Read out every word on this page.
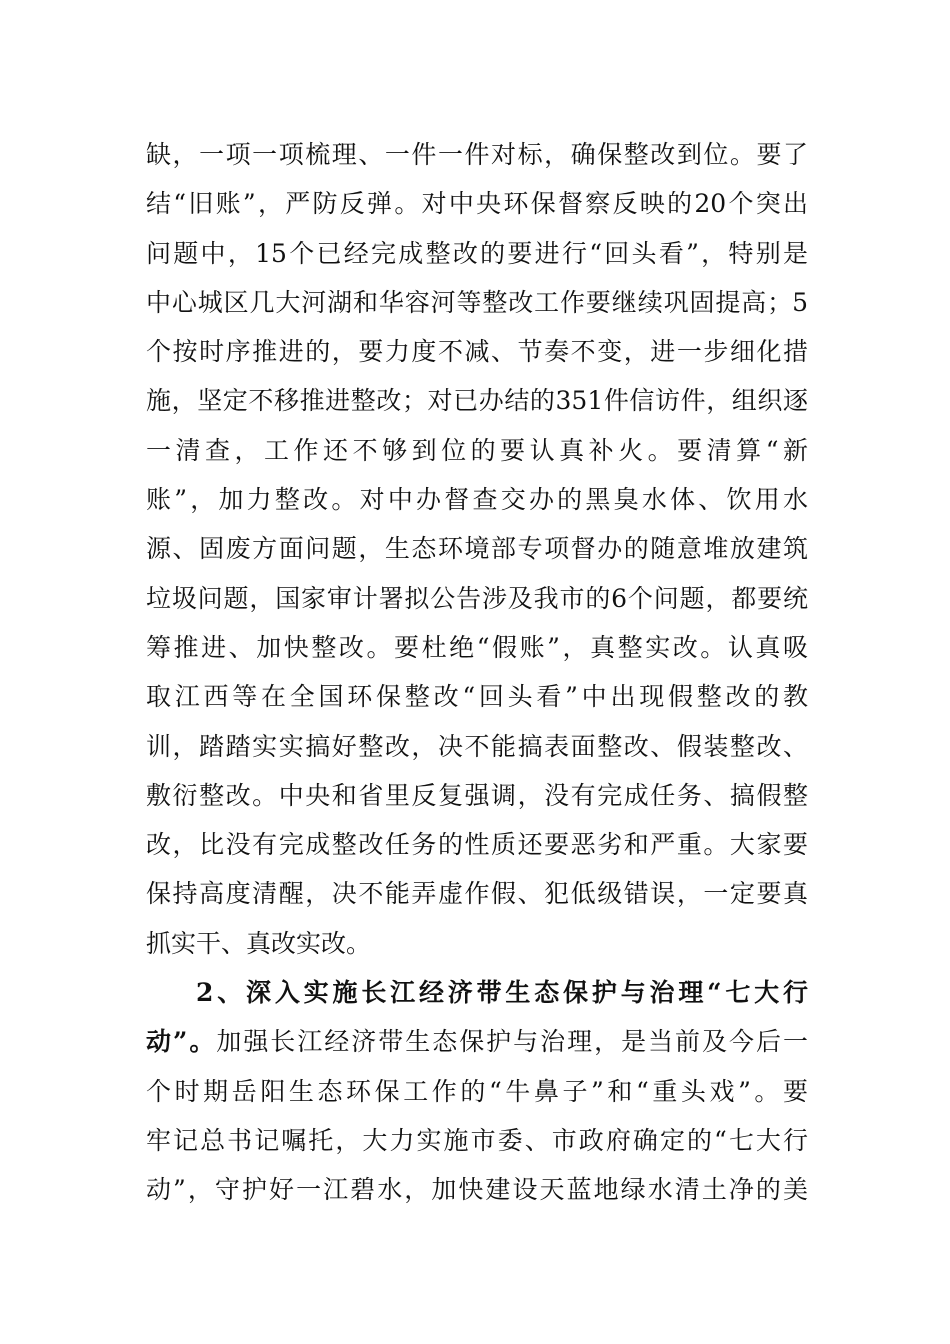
缺，一项一项梳理、一件一件对标，确保整改到位。要了
结“旧账”，严防反弹。对中央环保督察反映的20个突出
问题中，15个已经完成整改的要进行“回头看”，特别是
中心城区几大河湖和华容河等整改工作要继续巩固提高；5
个按时序推进的，要力度不减、节奏不变，进一步细化措
施，坚定不移推进整改；对已办结的351件信访件，组织逐
一清查，工作还不够到位的要认真补火。要清算“新
账”，加力整改。对中办督查交办的黑臭水体、饮用水
源、固废方面问题，生态环境部专项督办的随意堆放建筑
垃圾问题，国家审计署拟公告涉及我市的6个问题，都要统
筹推进、加快整改。要杜绝“假账”，真整实改。认真吸
取江西等在全国环保整改“回头看”中出现假整改的教
训，踏踏实实搞好整改，决不能搞表面整改、假装整改、
敷衍整改。中央和省里反复强调，没有完成任务、搞假整
改，比没有完成整改任务的性质还要恶劣和严重。大家要
保持高度清醒，决不能弄虚作假、犯低级错误，一定要真
抓实干、真改实改。
2、深入实施长江经济带生态保护与治理“七大行
动”。加强长江经济带生态保护与治理，是当前及今后一
个时期岳阳生态环保工作的“牛鼻子”和“重头戏”。要
牢记总书记嘱托，大力实施市委、市政府确定的“七大行
动”，守护好一江碧水，加快建设天蓝地绿水清土净的美
